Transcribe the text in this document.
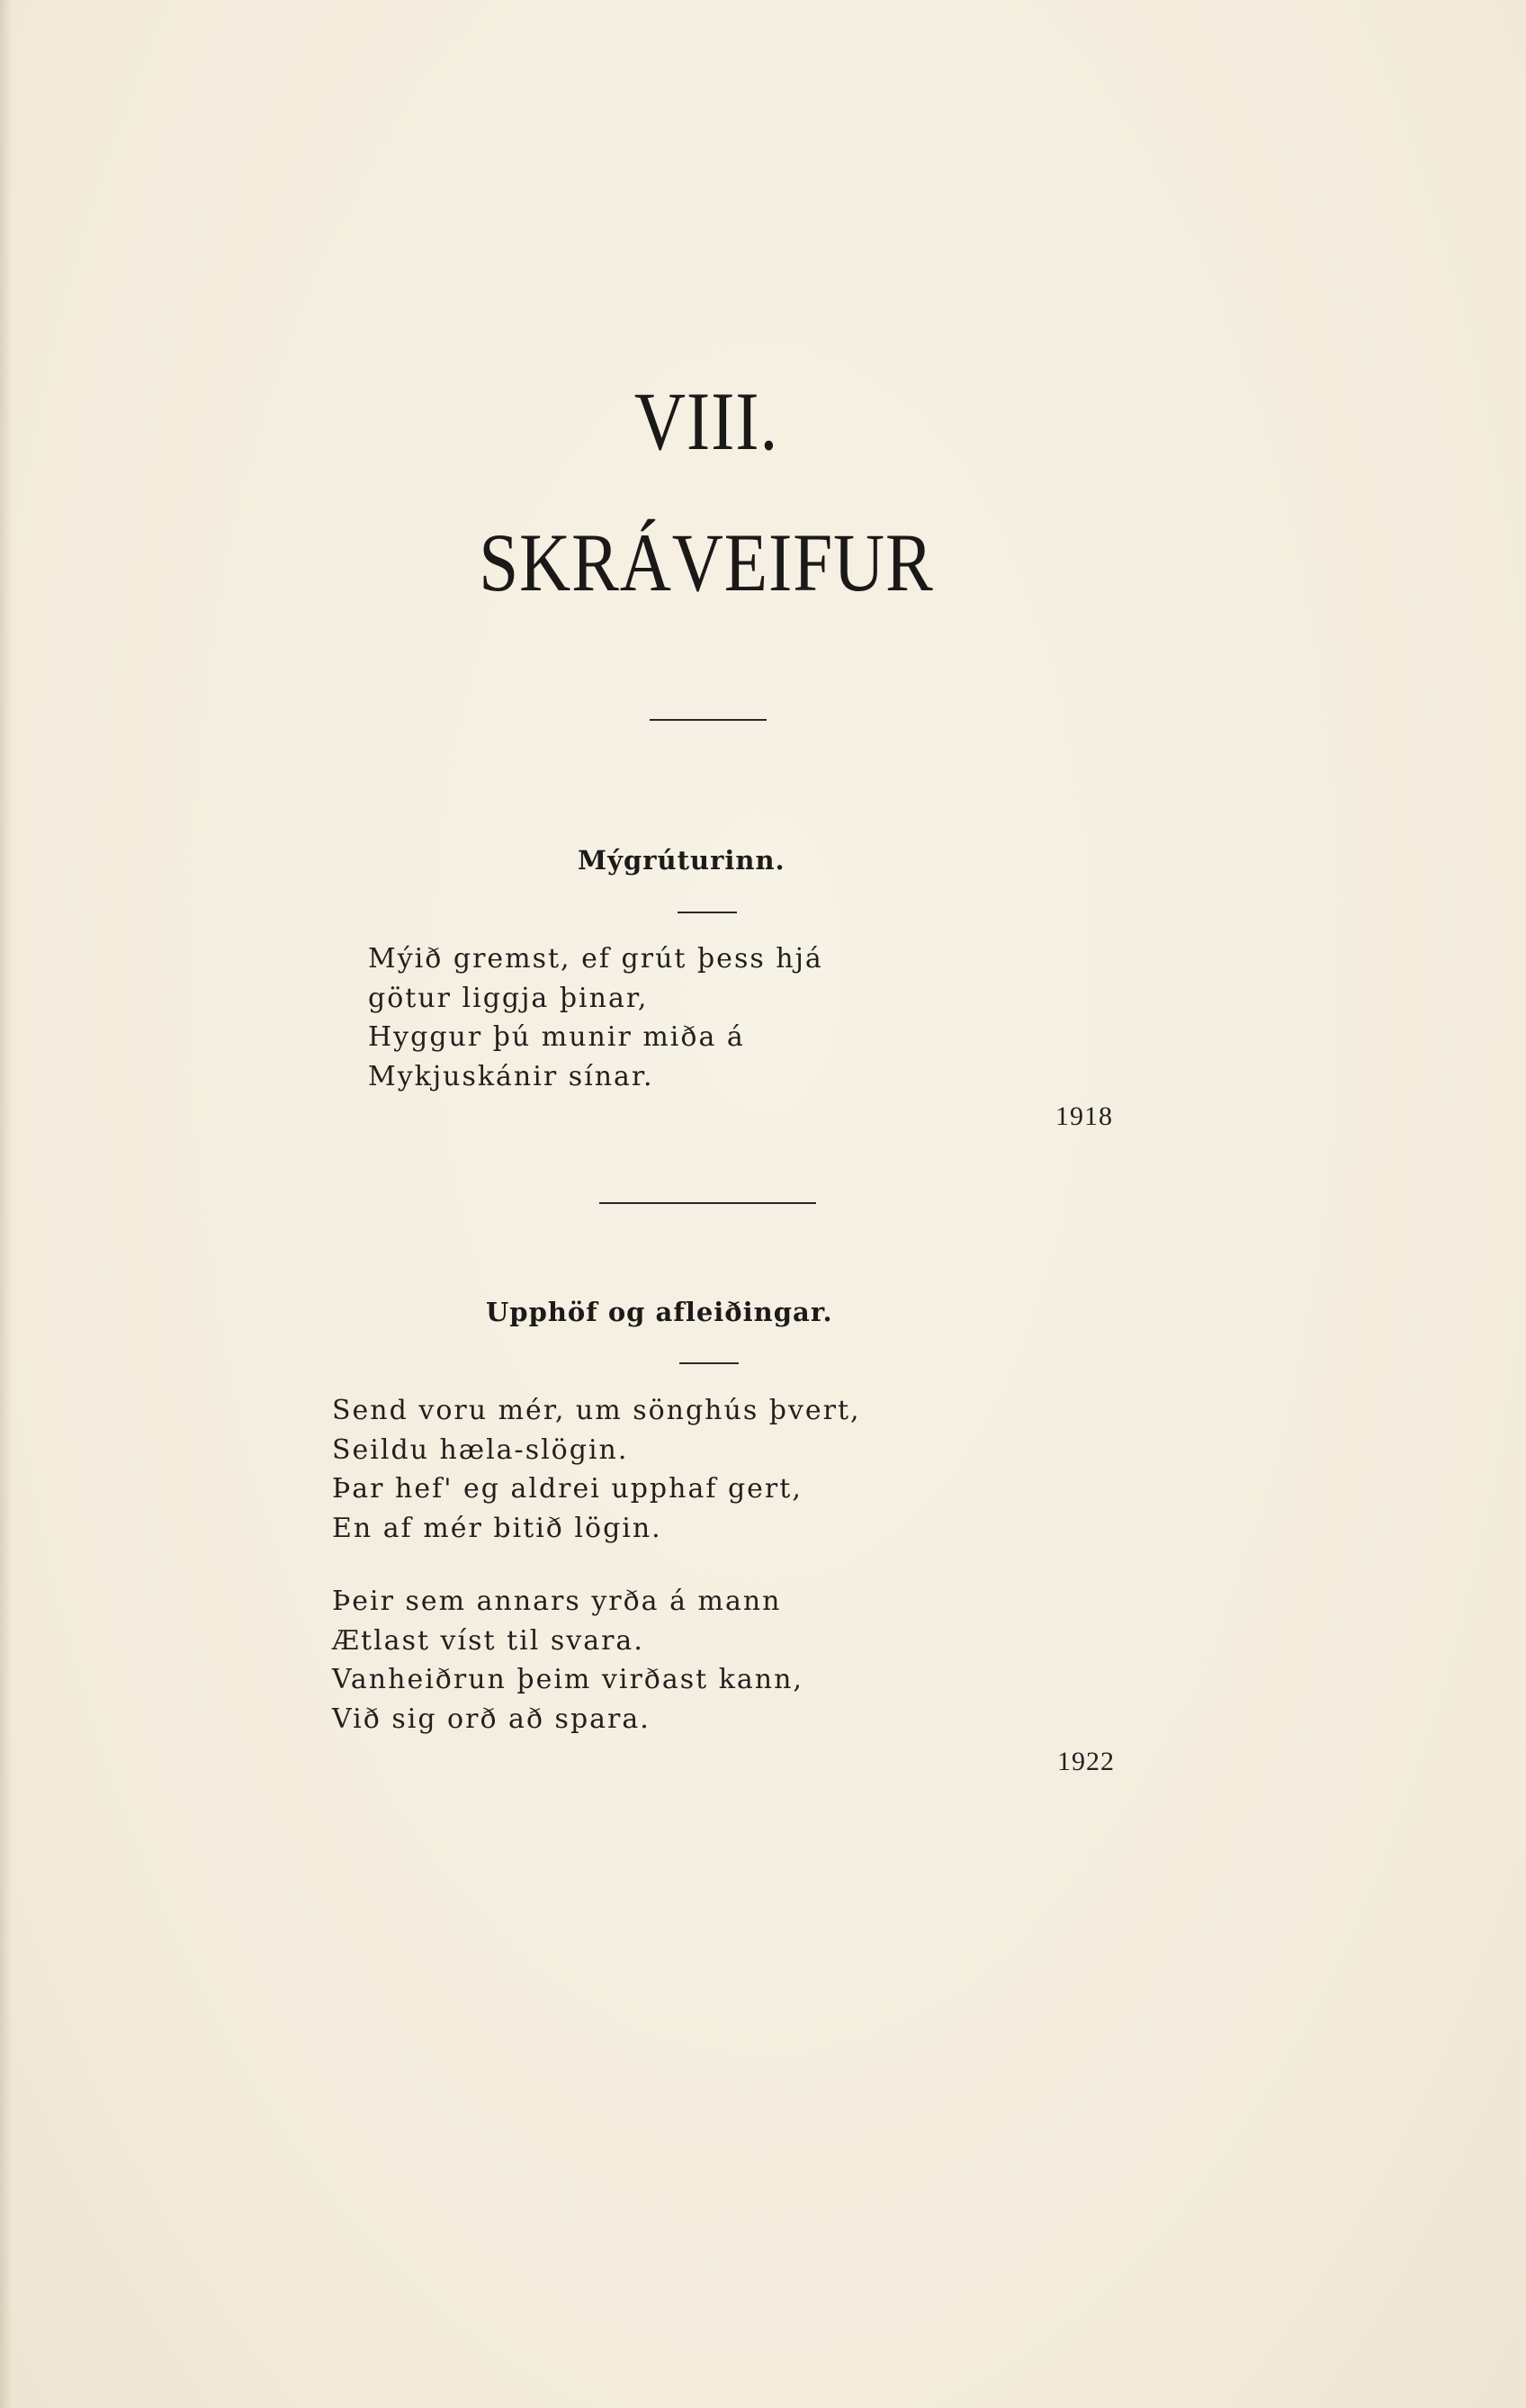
VIII.
SKRÁVEIFUR
Mýgrúturinn.
Mýið gremst, ef grút þess hjá
götur liggja þinar,
Hyggur þú munir miða á
Mykjuskánir sínar.
1918
Upphöf og afleiðingar.
Send voru mér, um sönghús þvert,
Seildu hæla-slögin.
Þar hef' eg aldrei upphaf gert,
En af mér bitið lögin.
Þeir sem annars yrða á mann
Ætlast víst til svara.
Vanheiðrun þeim virðast kann,
Við sig orð að spara.
1922
